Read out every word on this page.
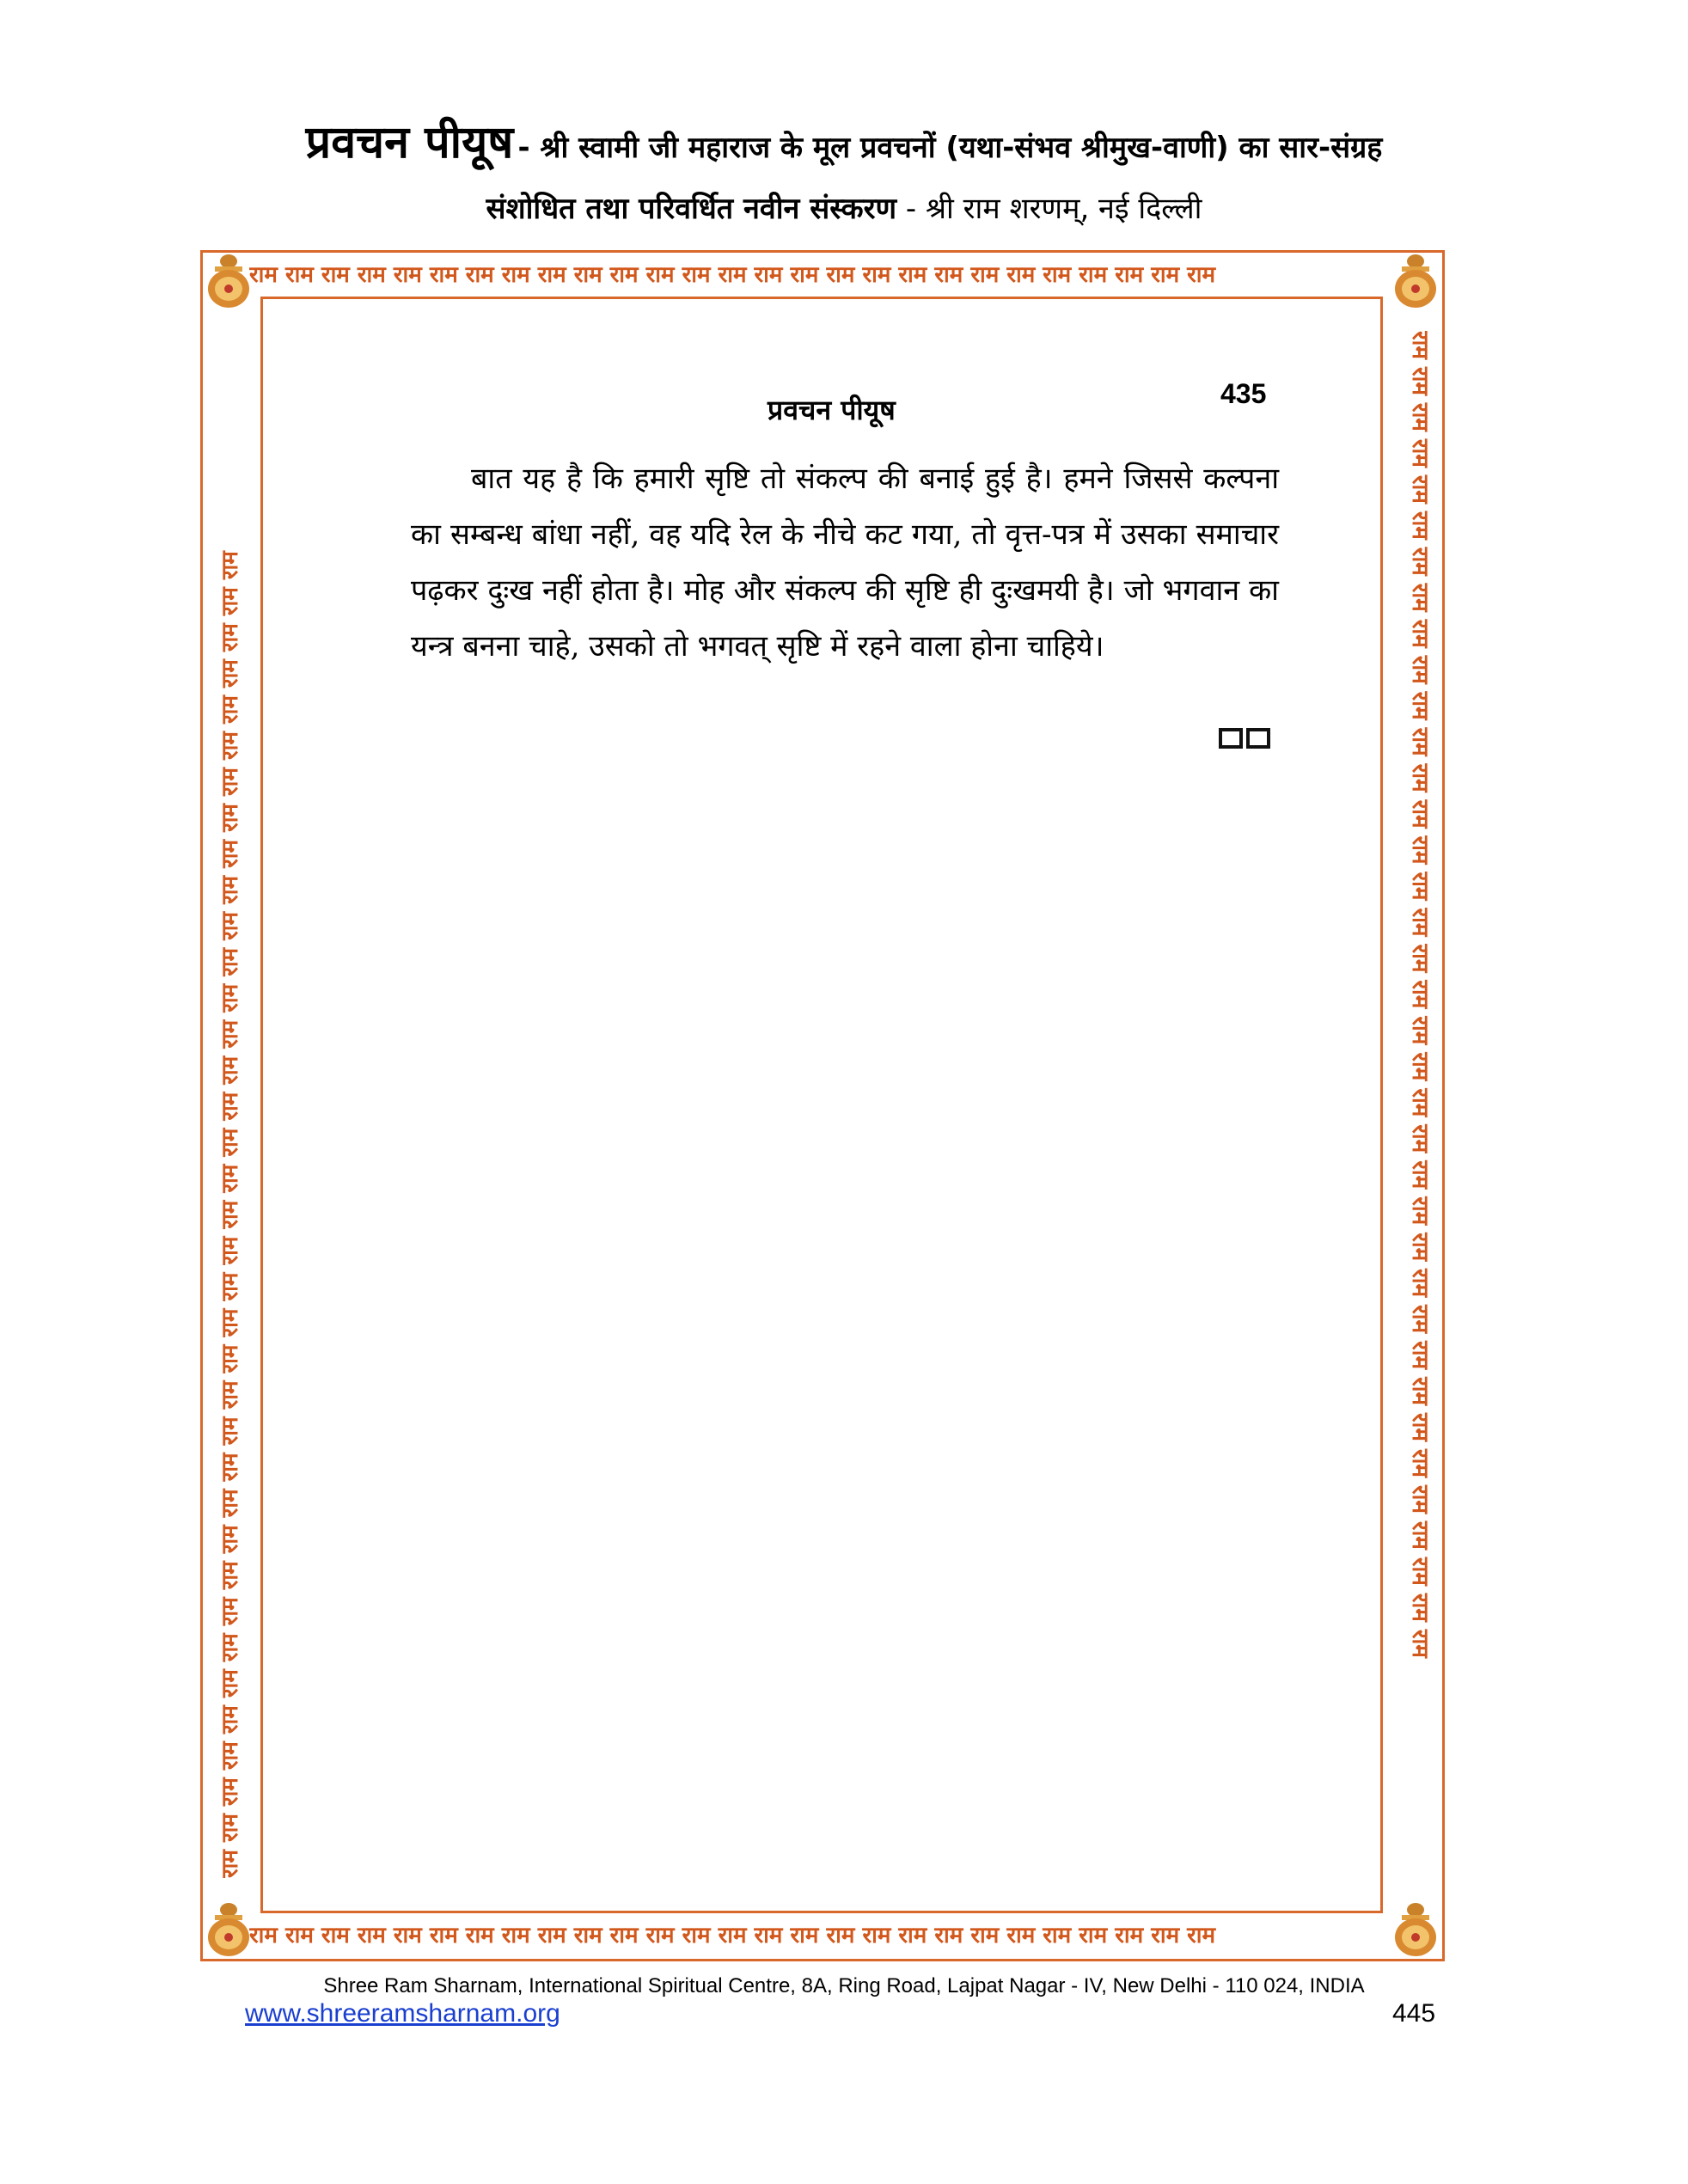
प्रवचन पीयूष - श्री स्वामी जी महाराज के मूल प्रवचनों (यथा-संभव श्रीमुख-वाणी) का सार-संग्रह
संशोधित तथा परिवर्धित नवीन संस्करण - श्री राम शरणम्, नई दिल्ली
राम राम राम राम राम राम राम राम राम राम राम राम राम राम राम राम राम राम राम राम राम राम राम राम राम राम राम
राम राम राम राम राम राम राम राम राम राम राम राम राम राम राम राम राम राम राम राम राम राम राम राम राम राम राम
राम राम राम राम राम राम राम राम राम राम राम राम राम राम राम राम राम राम राम राम राम राम राम राम राम राम राम राम राम राम राम राम राम राम राम राम राम	राम राम राम राम राम राम राम राम राम राम राम राम राम राम राम राम राम राम राम राम राम राम राम राम राम राम राम राम राम राम राम राम राम राम राम राम राम
प्रवचन पीयूष	435

बात यह है कि हमारी सृष्टि तो संकल्प की बनाई हुई है। हमने जिससे कल्पना का सम्बन्ध बांधा नहीं, वह यदि रेल के नीचे कट गया, तो वृत्त-पत्र में उसका समाचार पढ़कर दुःख नहीं होता है। मोह और संकल्प की सृष्टि ही दुःखमयी है। जो भगवान का यन्त्र बनना चाहे, उसको तो भगवत् सृष्टि में रहने वाला होना चाहिये।

Shree Ram Sharnam, International Spiritual Centre, 8A, Ring Road, Lajpat Nagar - IV, New Delhi - 110 024, INDIA
www.shreeramsharnam.org	445
